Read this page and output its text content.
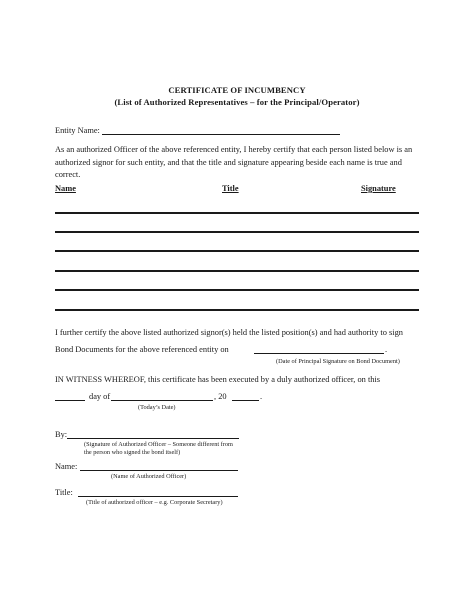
CERTIFICATE OF INCUMBENCY
(List of Authorized Representatives – for the Principal/Operator)
Entity Name:
As an authorized Officer of the above referenced entity, I hereby certify that each person listed below is an authorized signor for such entity, and that the title and signature appearing beside each name is true and correct.
Name	Title	Signature
I further certify the above listed authorized signor(s) held the listed position(s) and had authority to sign
Bond Documents for the above referenced entity on	.
(Date of Principal Signature on Bond Document)
IN WITNESS WHEREOF, this certificate has been executed by a duly authorized officer, on this
day of	, 20	.
(Today’s Date)
By:
(Signature of Authorized Officer – Someone different from
the person who signed the bond itself)
Name:
(Name of Authorized Officer)
Title:
(Title of authorized officer – e.g. Corporate Secretary)
